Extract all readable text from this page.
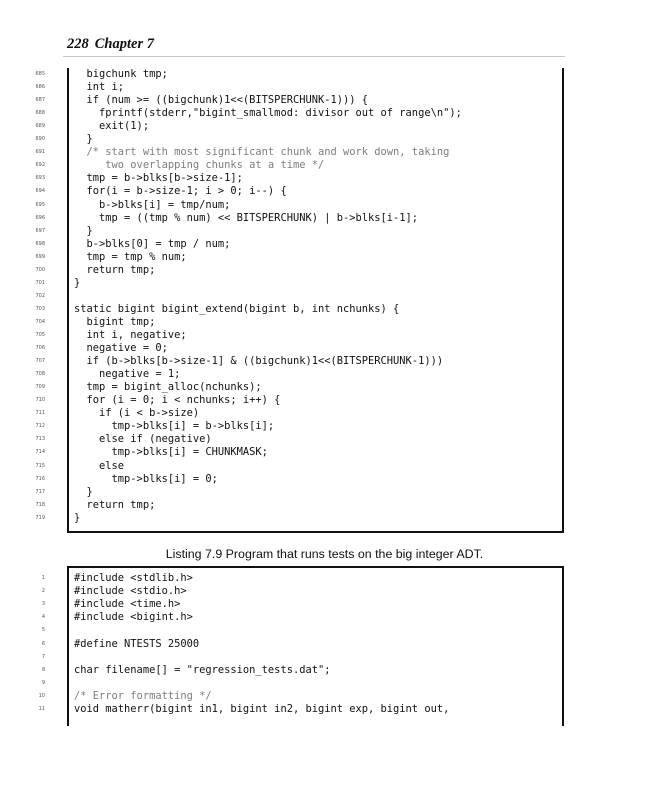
228 Chapter 7
685	bigchunk tmp;
686	int i;
687	if (num >= ((bigchunk)1<<(BITSPERCHUNK-1))) {
688	fprintf(stderr,"bigint_smallmod: divisor out of range\n");
689	exit(1);
690	}
691	/* start with most significant chunk and work down, taking
692	two overlapping chunks at a time */
693	tmp = b->blks[b->size-1];
694	for(i = b->size-1; i > 0; i--) {
695	b->blks[i] = tmp/num;
696	tmp = ((tmp % num) << BITSPERCHUNK) | b->blks[i-1];
697	}
698	b->blks[0] = tmp / num;
699	tmp = tmp % num;
700	return tmp;
701	}
702
703	static bigint bigint_extend(bigint b, int nchunks) {
704	bigint tmp;
705	int i, negative;
706	negative = 0;
707	if (b->blks[b->size-1] & ((bigchunk)1<<(BITSPERCHUNK-1)))
708	negative = 1;
709	tmp = bigint_alloc(nchunks);
710	for (i = 0; i < nchunks; i++) {
711	if (i < b->size)
712	tmp->blks[i] = b->blks[i];
713	else if (negative)
714	tmp->blks[i] = CHUNKMASK;
715	else
716	tmp->blks[i] = 0;
717	}
718	return tmp;
719	}
Listing 7.9 Program that runs tests on the big integer ADT.
1	#include <stdlib.h>
2	#include <stdio.h>
3	#include <time.h>
4	#include <bigint.h>
5
6	#define NTESTS 25000
7
8	char filename[] = "regression_tests.dat";
9
10	/* Error formatting */
11	void matherr(bigint in1, bigint in2, bigint exp, bigint out,
